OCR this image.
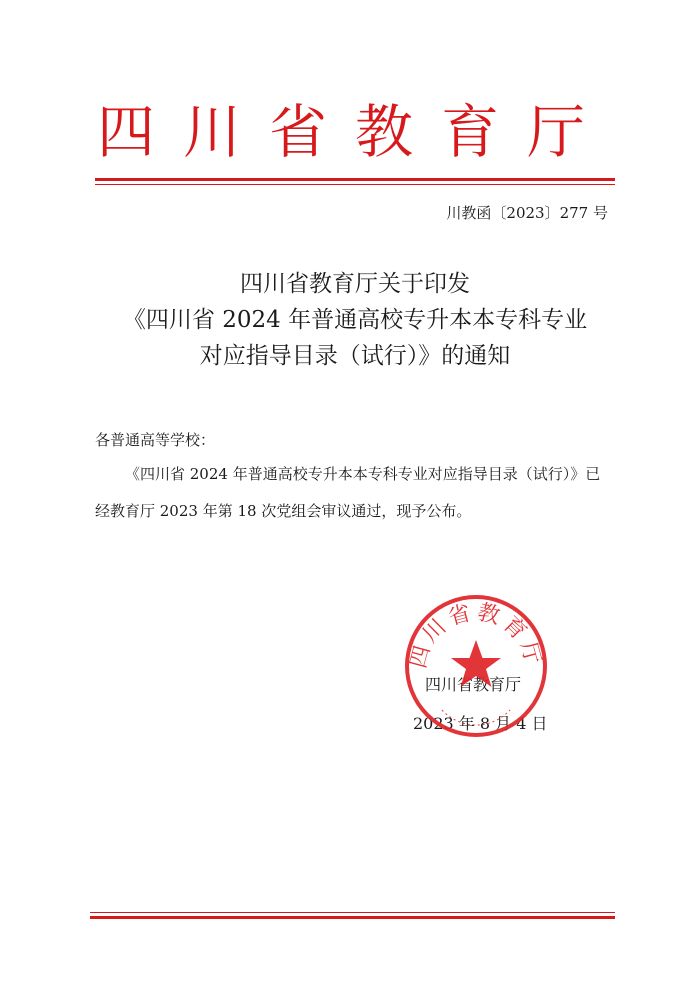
四川省教育厅
川教函〔2023〕277 号
四川省教育厅关于印发
《四川省 2024 年普通高校专升本本专科专业
对应指导目录（试行）》的通知
各普通高等学校：

《四川省 2024 年普通高校专升本本专科专业对应指导目录（试行）》已经教育厅 2023 年第 18 次党组会审议通过，现予公布。

四川省教育厅
2023 年 8 月 4 日
四川省教育厅
